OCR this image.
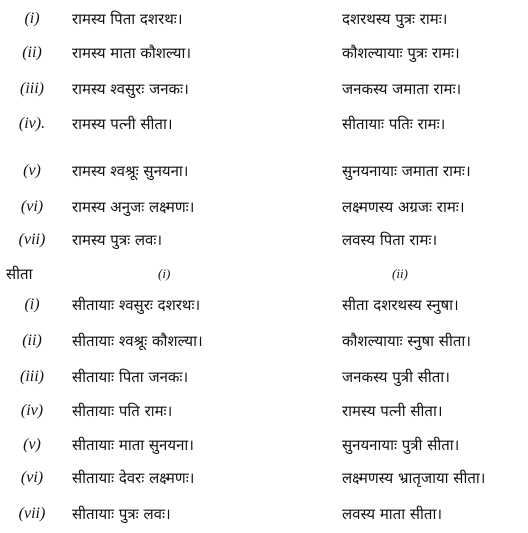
(i)	रामस्य पिता दशरथः।	दशरथस्य पुत्रः रामः।
(ii)	रामस्य माता कौशल्या।	कौशल्यायाः पुत्रः रामः।
(iii)	रामस्य श्वसुरः जनकः।	जनकस्य जमाता रामः।
(iv).	रामस्य पत्नी सीता।	सीतायाः पतिः रामः।
(v)	रामस्य श्वश्रूः सुनयना।	सुनयनायाः जमाता रामः।
(vi)	रामस्य अनुजः लक्ष्मणः।	लक्ष्मणस्य अग्रजः रामः।
(vii)	रामस्य पुत्रः लवः।	लवस्य पिता रामः।
सीता	(i)	(ii)
(i)	सीतायाः श्वसुरः दशरथः।	सीता दशरथस्य स्नुषा।
(ii)	सीतायाः श्वश्रूः कौशल्या।	कौशल्यायाः स्नुषा सीता।
(iii)	सीतायाः पिता जनकः।	जनकस्य पुत्री सीता।
(iv)	सीतायाः पति रामः।	रामस्य पत्नी सीता।
(v)	सीतायाः माता सुनयना।	सुनयनायाः पुत्री सीता।
(vi)	सीतायाः देवरः लक्ष्मणः।	लक्ष्मणस्य भ्रातृजाया सीता।
(vii)	सीतायाः पुत्रः लवः।	लवस्य माता सीता।
